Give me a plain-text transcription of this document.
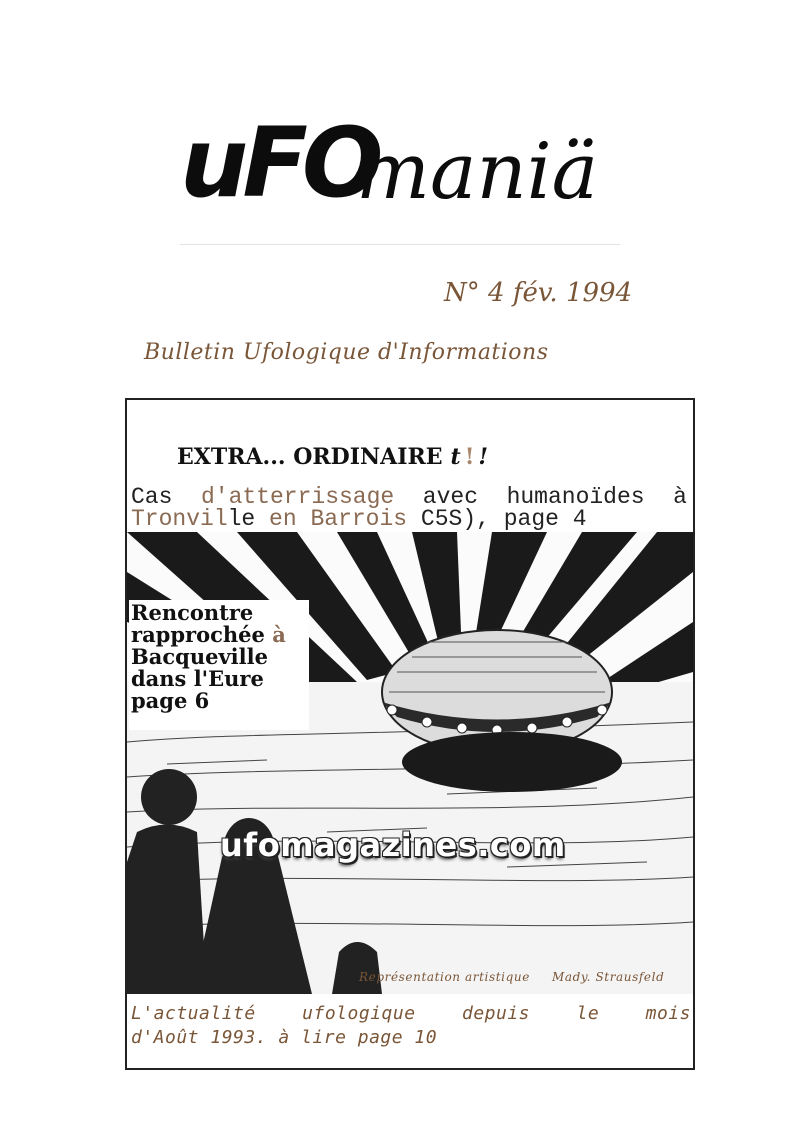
uFO
maniä
N° 4 fév. 1994
Bulletin Ufologique d'Informations
EXTRA... ORDINAIRE t ! !
Cas d'atterrissage avec humanoïdes à
Tronville en Barrois C5S), page 4
Rencontre
rapprochée à
Bacqueville
dans l'Eure
page 6
Représentation artistique Mady. Strausfeld
L'actualité	ufologique	depuis	le	mois
d'Août 1993. à lire page 10
ufomagazines.com
